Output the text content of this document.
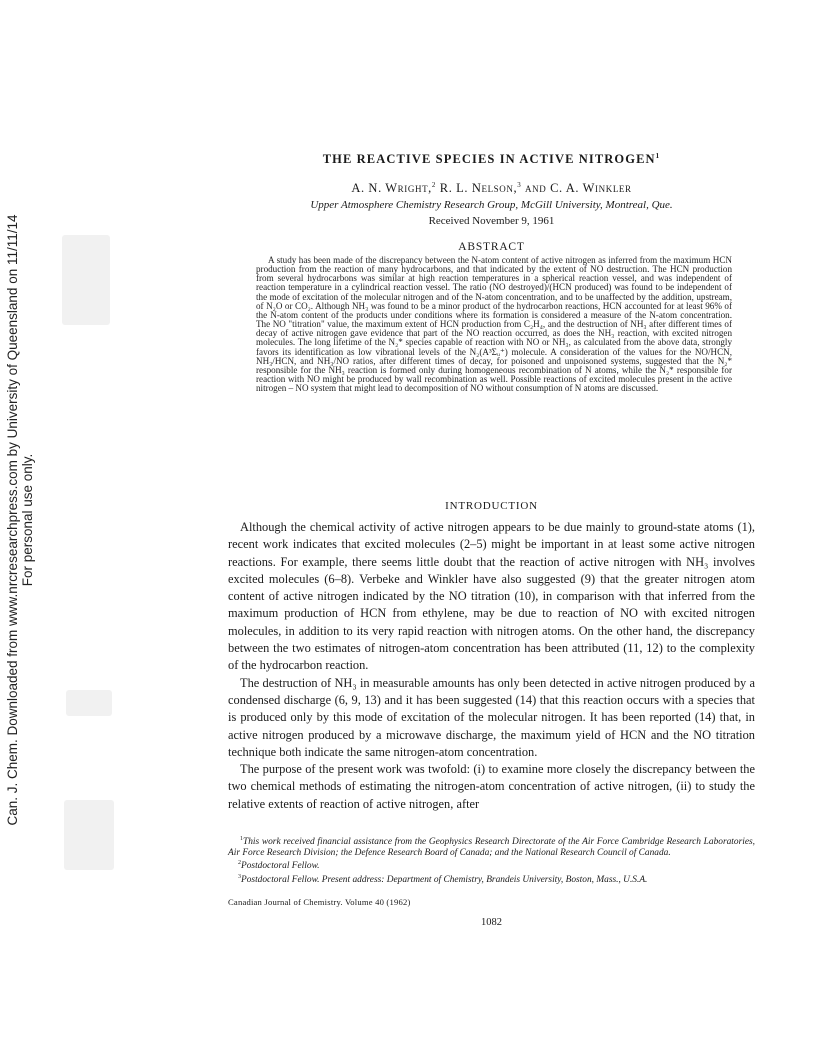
Can. J. Chem. Downloaded from www.nrcresearchpress.com by University of Queensland on 11/11/14 For personal use only.
THE REACTIVE SPECIES IN ACTIVE NITROGEN$^1$
A. N. Wright,$^2$ R. L. Nelson,$^3$ and C. A. Winkler
Upper Atmosphere Chemistry Research Group, McGill University, Montreal, Que.
Received November 9, 1961
ABSTRACT

A study has been made of the discrepancy between the N-atom content of active nitrogen as inferred from the maximum HCN production from the reaction of many hydrocarbons, and that indicated by the extent of NO destruction. The HCN production from several hydrocarbons was similar at high reaction temperatures in a spherical reaction vessel, and was independent of reaction temperature in a cylindrical reaction vessel. The ratio (NO destroyed)/(HCN produced) was found to be independent of the mode of excitation of the molecular nitrogen and of the N-atom concentration, and to be unaffected by the addition, upstream, of N₂O or CO₂. Although NH₃ was found to be a minor product of the hydrocarbon reactions, HCN accounted for at least 96% of the N-atom content of the products under conditions where its formation is considered a measure of the N-atom concentration. The NO "titration" value, the maximum extent of HCN production from C₂H₄, and the destruction of NH₃ after different times of decay of active nitrogen gave evidence that part of the NO reaction occurred, as does the NH₃ reaction, with excited nitrogen molecules. The long lifetime of the N₂* species capable of reaction with NO or NH₃, as calculated from the above data, strongly favors its identification as low vibrational levels of the N₂(A³Σᵤ⁺) molecule. A consideration of the values for the NO/HCN, NH₃/HCN, and NH₃/NO ratios, after different times of decay, for poisoned and unpoisoned systems, suggested that the N₂* responsible for the NH₃ reaction is formed only during homogeneous recombination of N atoms, while the N₂* responsible for reaction with NO might be produced by wall recombination as well. Possible reactions of excited molecules present in the active nitrogen – NO system that might lead to decomposition of NO without consumption of N atoms are discussed.

INTRODUCTION

Although the chemical activity of active nitrogen appears to be due mainly to ground-state atoms (1), recent work indicates that excited molecules (2–5) might be important in at least some active nitrogen reactions. For example, there seems little doubt that the reaction of active nitrogen with NH₃ involves excited molecules (6–8). Verbeke and Winkler have also suggested (9) that the greater nitrogen atom content of active nitrogen indicated by the NO titration (10), in comparison with that inferred from the maximum production of HCN from ethylene, may be due to reaction of NO with excited nitrogen molecules, in addition to its very rapid reaction with nitrogen atoms. On the other hand, the discrepancy between the two estimates of nitrogen-atom concentration has been attributed (11, 12) to the complexity of the hydrocarbon reaction.

The destruction of NH₃ in measurable amounts has only been detected in active nitrogen produced by a condensed discharge (6, 9, 13) and it has been suggested (14) that this reaction occurs with a species that is produced only by this mode of excitation of the molecular nitrogen. It has been reported (14) that, in active nitrogen produced by a microwave discharge, the maximum yield of HCN and the NO titration technique both indicate the same nitrogen-atom concentration.

The purpose of the present work was twofold: (i) to examine more closely the discrepancy between the two chemical methods of estimating the nitrogen-atom concentration of active nitrogen, (ii) to study the relative extents of reaction of active nitrogen, after

$^1$This work received financial assistance from the Geophysics Research Directorate of the Air Force Cambridge Research Laboratories, Air Force Research Division; the Defence Research Board of Canada; and the National Research Council of Canada.

$^2$Postdoctoral Fellow.

$^3$Postdoctoral Fellow. Present address: Department of Chemistry, Brandeis University, Boston, Mass., U.S.A.

Canadian Journal of Chemistry. Volume 40 (1962)
1082
